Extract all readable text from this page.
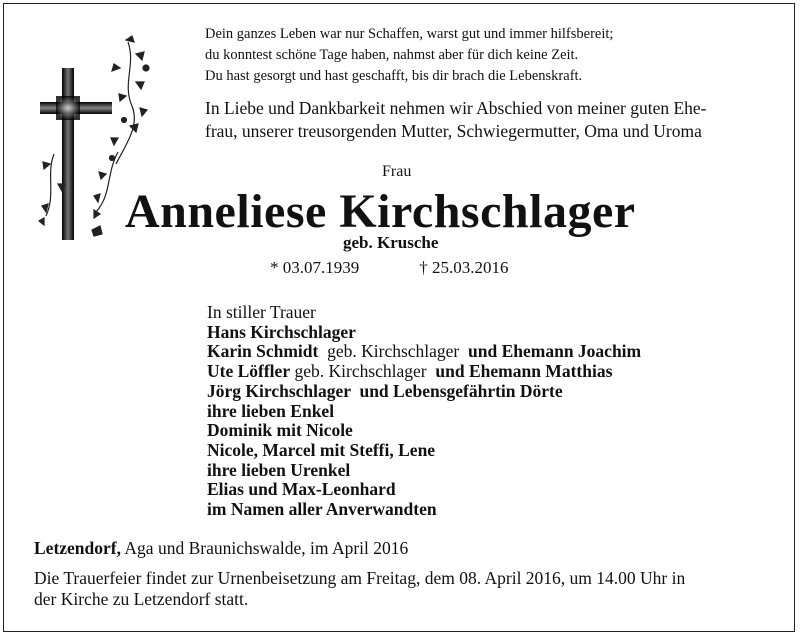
Dein ganzes Leben war nur Schaffen, warst gut und immer hilfsbereit;
du konntest schöne Tage haben, nahmst aber für dich keine Zeit.
Du hast gesorgt und hast geschafft, bis dir brach die Lebenskraft.
In Liebe und Dankbarkeit nehmen wir Abschied von meiner guten Ehe-
frau, unserer treusorgenden Mutter, Schwiegermutter, Oma und Uroma
Frau
Anneliese Kirchschlager
geb. Krusche
* 03.07.1939	† 25.03.2016
In stiller Trauer
Hans Kirchschlager
Karin Schmidt  geb. Kirchschlager  und Ehemann Joachim
Ute Löffler geb. Kirchschlager  und Ehemann Matthias
Jörg Kirchschlager  und Lebensgefährtin Dörte
ihre lieben Enkel
Dominik mit Nicole
Nicole, Marcel mit Steffi, Lene
ihre lieben Urenkel
Elias und Max-Leonhard
im Namen aller Anverwandten
Letzendorf, Aga und Braunichswalde, im April 2016
Die Trauerfeier findet zur Urnenbeisetzung am Freitag, dem 08. April 2016, um 14.00 Uhr in
der Kirche zu Letzendorf statt.
